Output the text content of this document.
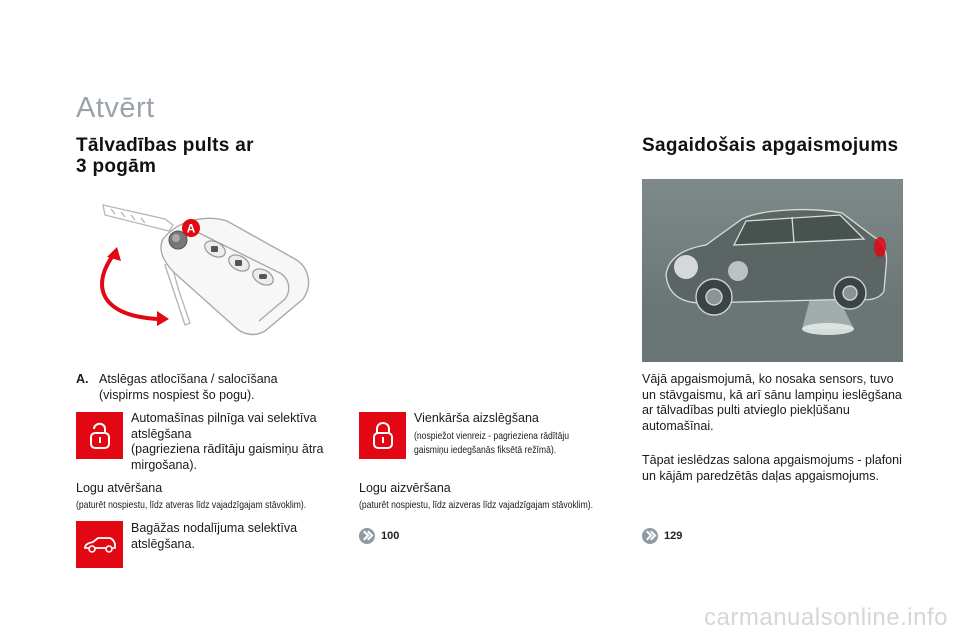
Atvērt
Tālvadības pults ar
3 pogām
A
A. Atslēgas atlocīšana / salocīšana
(vispirms nospiest šo pogu).
Automašīnas pilnīga vai selektīva
atslēgšana
(pagrieziena rādītāju gaismiņu ātra
mirgošana).
Logu atvēršana
(paturēt nospiestu, līdz atveras līdz vajadzīgajam stāvoklim).
Bagāžas nodalījuma selektīva
atslēgšana.
Vienkārša aizslēgšana
(nospiežot vienreiz - pagrieziena rādītāju
gaismiņu iedegšanās fiksētā režīmā).
Logu aizvēršana
(paturēt nospiestu, līdz aizveras līdz vajadzīgajam stāvoklim).
100
Sagaidošais apgaismojums
Vājā apgaismojumā, ko nosaka sensors, tuvo
un stāvgaismu, kā arī sānu lampiņu ieslēgšana
ar tālvadības pulti atvieglo piekļūšanu
automašīnai.
Tāpat ieslēdzas salona apgaismojums - plafoni
un kājām paredzētās daļas apgaismojums.
129
carmanualsonline.info
